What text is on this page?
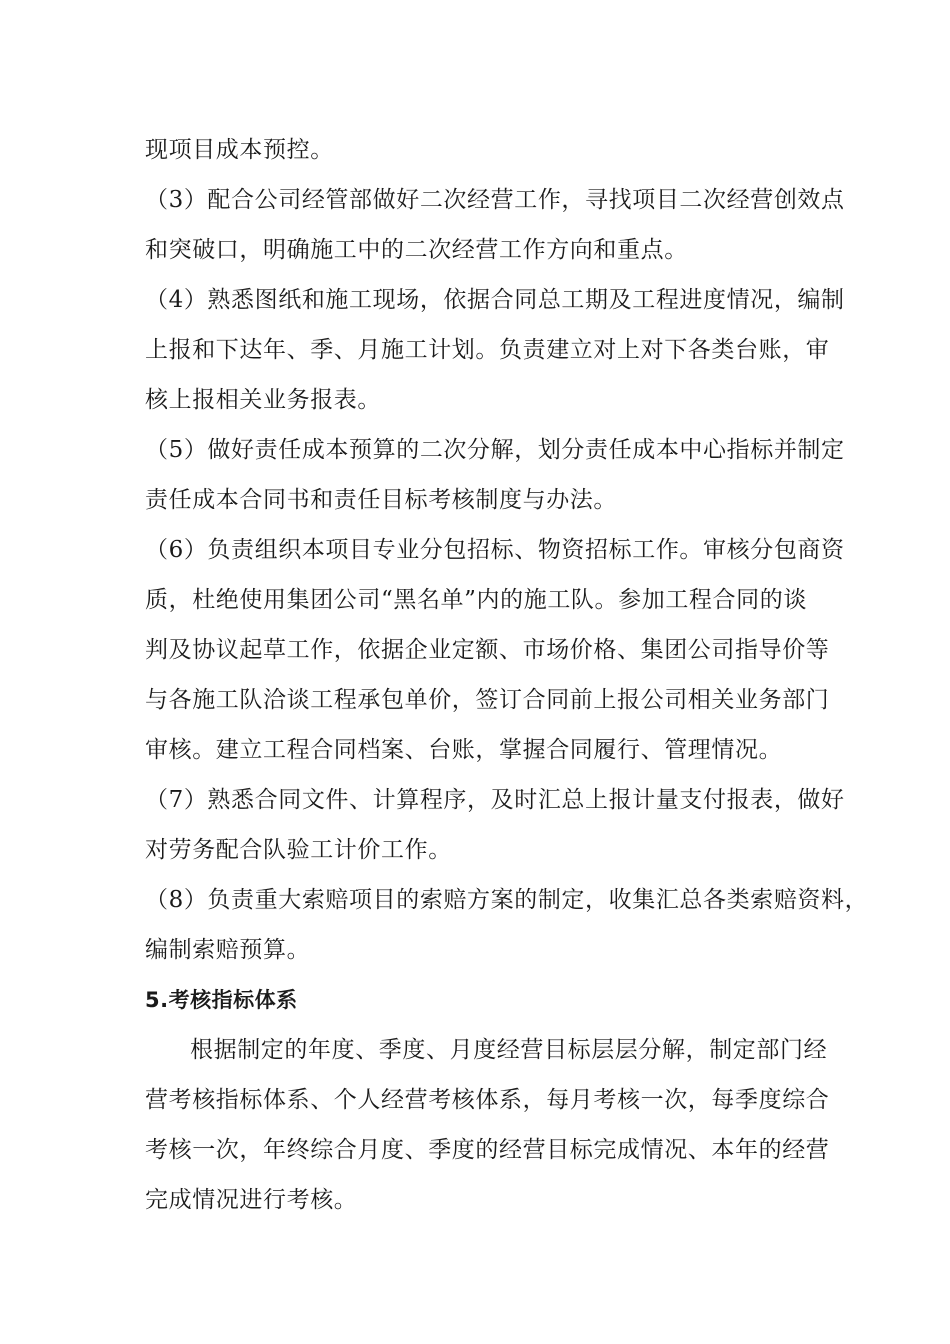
现项目成本预控。
（3）配合公司经管部做好二次经营工作，寻找项目二次经营创效点
和突破口，明确施工中的二次经营工作方向和重点。
（4）熟悉图纸和施工现场，依据合同总工期及工程进度情况，编制
上报和下达年、季、月施工计划。负责建立对上对下各类台账，审
核上报相关业务报表。
（5）做好责任成本预算的二次分解，划分责任成本中心指标并制定
责任成本合同书和责任目标考核制度与办法。
（6）负责组织本项目专业分包招标、物资招标工作。审核分包商资
质，杜绝使用集团公司“黑名单”内的施工队。参加工程合同的谈
判及协议起草工作，依据企业定额、市场价格、集团公司指导价等
与各施工队洽谈工程承包单价，签订合同前上报公司相关业务部门
审核。建立工程合同档案、台账，掌握合同履行、管理情况。
（7）熟悉合同文件、计算程序，及时汇总上报计量支付报表，做好
对劳务配合队验工计价工作。
（8）负责重大索赔项目的索赔方案的制定，收集汇总各类索赔资料，
编制索赔预算。
5.考核指标体系
根据制定的年度、季度、月度经营目标层层分解，制定部门经
营考核指标体系、个人经营考核体系，每月考核一次，每季度综合
考核一次，年终综合月度、季度的经营目标完成情况、本年的经营
完成情况进行考核。
